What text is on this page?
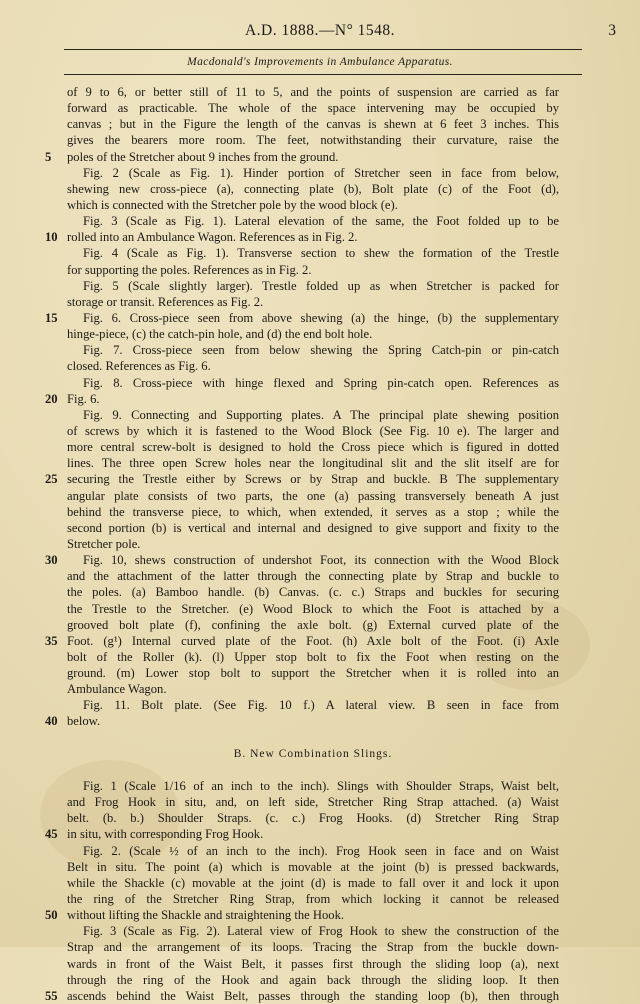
A.D. 1888.—N° 1548.	3
Macdonald's Improvements in Ambulance Apparatus.
of 9 to 6, or better still of 11 to 5, and the points of suspension are carried as far
forward as practicable. The whole of the space intervening may be occupied by
canvas ; but in the Figure the length of the canvas is shewn at 6 feet 3 inches. This
gives the bearers more room. The feet, notwithstanding their curvature, raise the
5	poles of the Stretcher about 9 inches from the ground.
Fig. 2 (Scale as Fig. 1). Hinder portion of Stretcher seen in face from below,
shewing new cross-piece (a), connecting plate (b), Bolt plate (c) of the Foot (d),
which is connected with the Stretcher pole by the wood block (e).
Fig. 3 (Scale as Fig. 1). Lateral elevation of the same, the Foot folded up to be
10 rolled into an Ambulance Wagon. References as in Fig. 2.
Fig. 4 (Scale as Fig. 1). Transverse section to shew the formation of the Trestle
for supporting the poles. References as in Fig. 2.
Fig. 5 (Scale slightly larger). Trestle folded up as when Stretcher is packed for
storage or transit. References as Fig. 2.
15	Fig. 6. Cross-piece seen from above shewing (a) the hinge, (b) the supplementary
hinge-piece, (c) the catch-pin hole, and (d) the end bolt hole.
Fig. 7. Cross-piece seen from below shewing the Spring Catch-pin or pin-catch
closed. References as Fig. 6.
Fig. 8. Cross-piece with hinge flexed and Spring pin-catch open. References as
20 Fig. 6.
Fig. 9. Connecting and Supporting plates. A The principal plate shewing position
of screws by which it is fastened to the Wood Block (See Fig. 10 e). The larger and
more central screw-bolt is designed to hold the Cross piece which is figured in dotted
lines. The three open Screw holes near the longitudinal slit and the slit itself are for
25 securing the Trestle either by Screws or by Strap and buckle. B The supplementary
angular plate consists of two parts, the one (a) passing transversely beneath A just
behind the transverse piece, to which, when extended, it serves as a stop ; while the
second portion (b) is vertical and internal and designed to give support and fixity to the
Stretcher pole.
30	Fig. 10, shews construction of undershot Foot, its connection with the Wood Block
and the attachment of the latter through the connecting plate by Strap and buckle to
the poles. (a) Bamboo handle. (b) Canvas. (c. c.) Straps and buckles for securing
the Trestle to the Stretcher. (e) Wood Block to which the Foot is attached by a
grooved bolt plate (f), confining the axle bolt. (g) External curved plate of the
35 Foot. (g¹) Internal curved plate of the Foot. (h) Axle bolt of the Foot. (i) Axle
bolt of the Roller (k). (l) Upper stop bolt to fix the Foot when resting on the
ground. (m) Lower stop bolt to support the Stretcher when it is rolled into an
Ambulance Wagon.
Fig. 11. Bolt plate. (See Fig. 10 f.) A lateral view. B seen in face from
40 below.
B. New Combination Slings.
Fig. 1 (Scale 1/16 of an inch to the inch). Slings with Shoulder Straps, Waist belt,
and Frog Hook in situ, and, on left side, Stretcher Ring Strap attached. (a) Waist
belt. (b. b.) Shoulder Straps. (c. c.) Frog Hooks. (d) Stretcher Ring Strap
45 in situ, with corresponding Frog Hook.
Fig. 2. (Scale ½ of an inch to the inch). Frog Hook seen in face and on Waist
Belt in situ. The point (a) which is movable at the joint (b) is pressed backwards,
while the Shackle (c) movable at the joint (d) is made to fall over it and lock it upon
the ring of the Stretcher Ring Strap, from which locking it cannot be released
50 without lifting the Shackle and straightening the Hook.
Fig. 3 (Scale as Fig. 2). Lateral view of Frog Hook to shew the construction of the
Strap and the arrangement of its loops. Tracing the Strap from the buckle down-
wards in front of the Waist Belt, it passes first through the sliding loop (a), next
through the ring of the Hook and again back through the sliding loop. It then
55 ascends behind the Waist Belt, passes through the standing loop (b), then through
